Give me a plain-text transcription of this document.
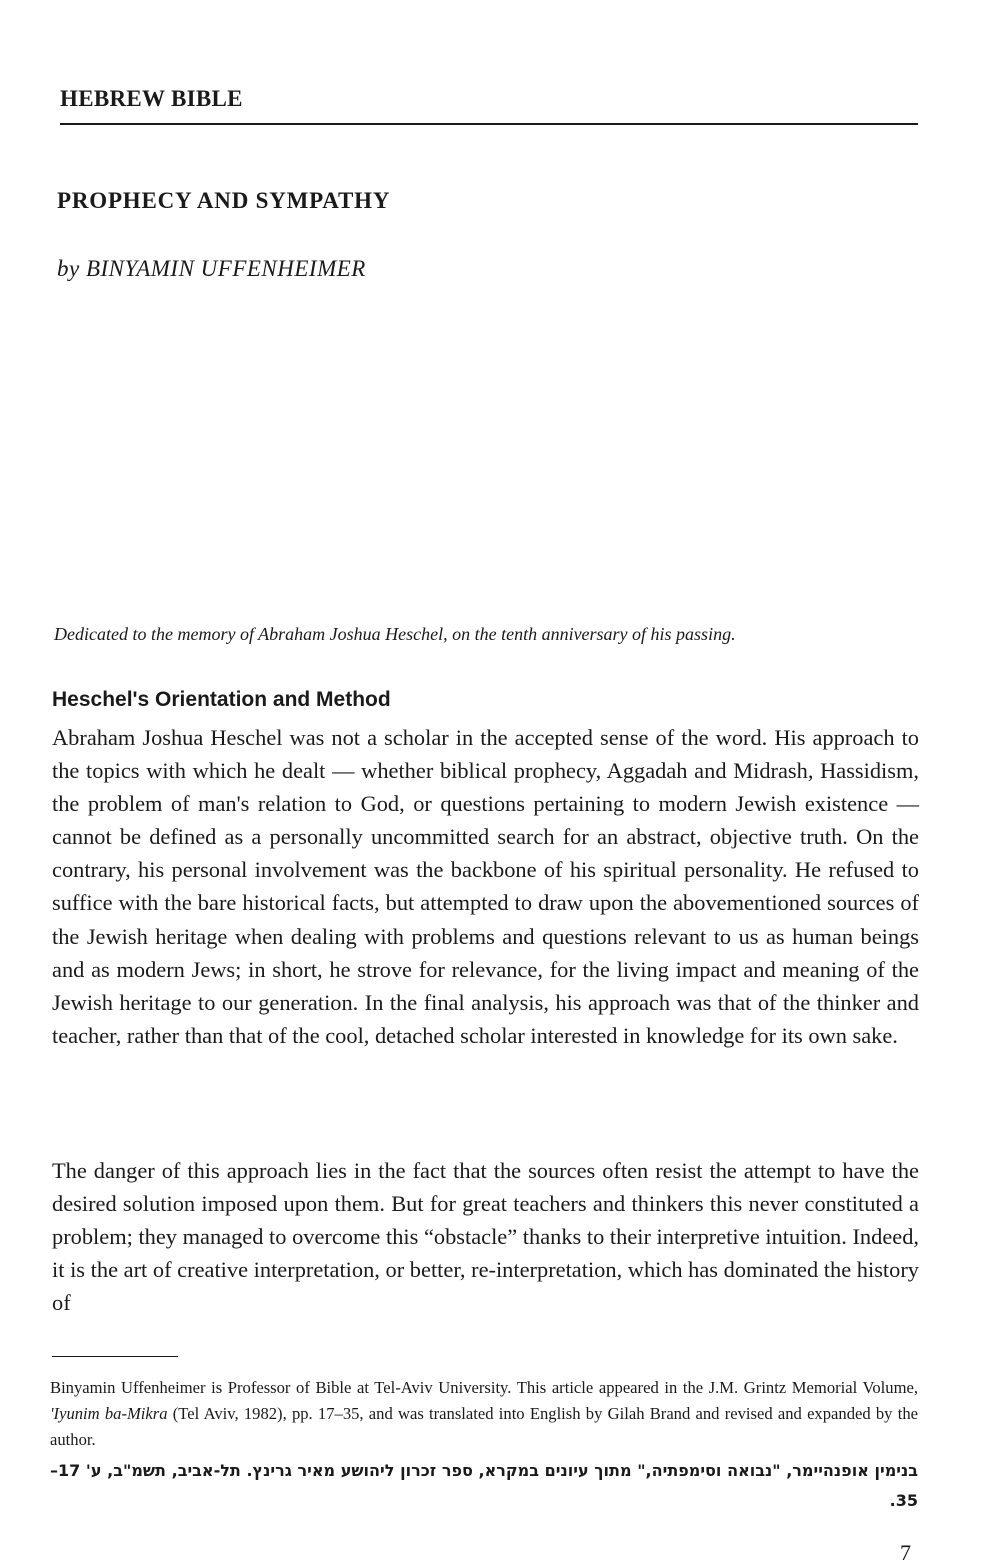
HEBREW BIBLE
PROPHECY AND SYMPATHY
by BINYAMIN UFFENHEIMER
Dedicated to the memory of Abraham Joshua Heschel, on the tenth anniversary of his passing.
Heschel's Orientation and Method

Abraham Joshua Heschel was not a scholar in the accepted sense of the word. His approach to the topics with which he dealt — whether biblical prophecy, Aggadah and Midrash, Hassidism, the problem of man's relation to God, or questions pertaining to modern Jewish existence — cannot be defined as a personally uncommitted search for an abstract, objective truth. On the contrary, his personal involvement was the backbone of his spiritual personality. He refused to suffice with the bare historical facts, but attempted to draw upon the abovementioned sources of the Jewish heritage when dealing with problems and questions relevant to us as human beings and as modern Jews; in short, he strove for relevance, for the living impact and meaning of the Jewish heritage to our generation. In the final analysis, his approach was that of the thinker and teacher, rather than that of the cool, detached scholar interested in knowledge for its own sake.

The danger of this approach lies in the fact that the sources often resist the attempt to have the desired solution imposed upon them. But for great teachers and thinkers this never constituted a problem; they managed to overcome this “obstacle” thanks to their interpretive intuition. Indeed, it is the art of creative interpretation, or better, re-interpretation, which has dominated the history of

Binyamin Uffenheimer is Professor of Bible at Tel-Aviv University. This article appeared in the J.M. Grintz Memorial Volume, 'Iyunim ba-Mikra (Tel Aviv, 1982), pp. 17–35, and was translated into English by Gilah Brand and revised and expanded by the author.
בנימין אופנהיימר, "נבואה וסימפתיה," מתוך עיונים במקרא, ספר זכרון ליהושע מאיר גרינץ. תל-אביב, תשמ"ב, ע' 17–35.
7
